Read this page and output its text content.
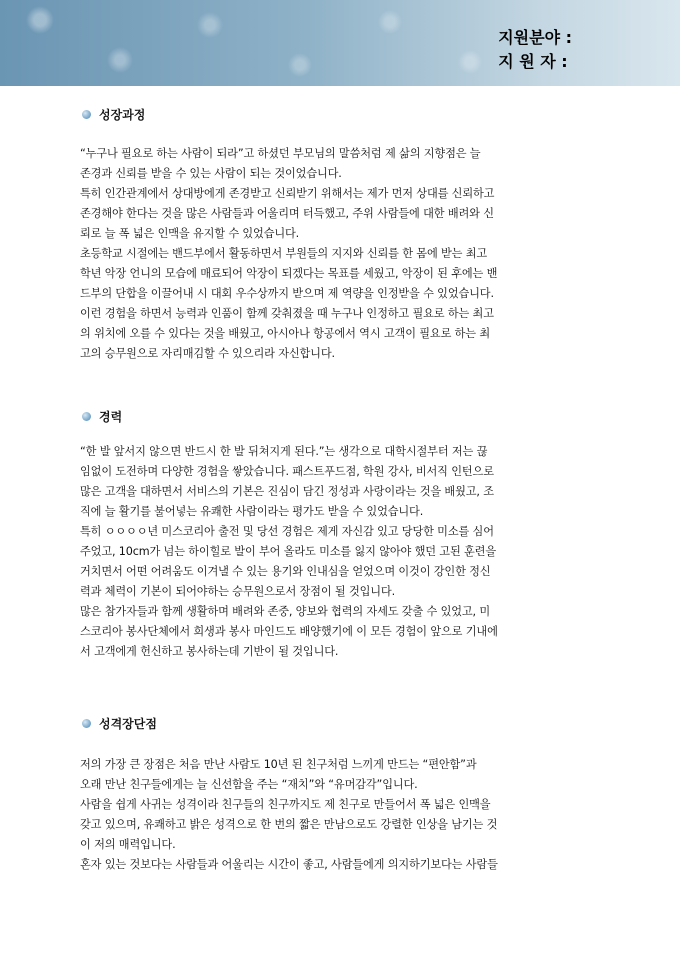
지원분야 :
지 원 자 :
성장과정
“누구나 필요로 하는 사람이 되라”고 하셨던 부모님의 말씀처럼 제 삶의 지향점은 늘
존경과 신뢰를 받을 수 있는 사람이 되는 것이었습니다.
특히 인간관계에서 상대방에게 존경받고 신뢰받기 위해서는 제가 먼저 상대를 신뢰하고
존경해야 한다는 것을 많은 사람들과 어울리며 터득했고, 주위 사람들에 대한 배려와 신
뢰로 늘 폭 넓은 인맥을 유지할 수 있었습니다.
초등학교 시절에는 밴드부에서 활동하면서 부원들의 지지와 신뢰를 한 몸에 받는 최고
학년 악장 언니의 모습에 매료되어 악장이 되겠다는 목표를 세웠고, 악장이 된 후에는 밴
드부의 단합을 이끌어내 시 대회 우수상까지 받으며 제 역량을 인정받을 수 있었습니다.
이런 경험을 하면서 능력과 인품이 함께 갖춰졌을 때 누구나 인정하고 필요로 하는 최고
의 위치에 오를 수 있다는 것을 배웠고, 아시아나 항공에서 역시 고객이 필요로 하는 최
고의 승무원으로 자리매김할 수 있으리라 자신합니다.
경력
“한 발 앞서지 않으면 반드시 한 발 뒤쳐지게 된다.”는 생각으로 대학시절부터 저는 끊
임없이 도전하며 다양한 경험을 쌓았습니다. 패스트푸드점, 학원 강사, 비서직 인턴으로
많은 고객을 대하면서 서비스의 기본은 진심이 담긴 정성과 사랑이라는 것을 배웠고, 조
직에 늘 활기를 불어넣는 유쾌한 사람이라는 평가도 받을 수 있었습니다.
특히 ㅇㅇㅇㅇ년 미스코리아 출전 및 당선 경험은 제게 자신감 있고 당당한 미소를 심어
주었고, 10cm가 넘는 하이힐로 발이 부어 올라도 미소를 잃지 않아야 했던 고된 훈련을
거치면서 어떤 어려움도 이겨낼 수 있는 용기와 인내심을 얻었으며 이것이 강인한 정신
력과 체력이 기본이 되어야하는 승무원으로서 장점이 될 것입니다.
많은 참가자들과 함께 생활하며 배려와 존중, 양보와 협력의 자세도 갖출 수 있었고, 미
스코리아 봉사단체에서 희생과 봉사 마인드도 배양했기에 이 모든 경험이 앞으로 기내에
서 고객에게 헌신하고 봉사하는데 기반이 될 것입니다.
성격장단점
저의 가장 큰 장점은 처음 만난 사람도 10년 된 친구처럼 느끼게 만드는 “편안함”과
오래 만난 친구들에게는 늘 신선함을 주는 “재치”와 “유머감각”입니다.
사람을 쉽게 사귀는 성격이라 친구들의 친구까지도 제 친구로 만들어서 폭 넓은 인맥을
갖고 있으며, 유쾌하고 밝은 성격으로 한 번의 짧은 만남으로도 강렬한 인상을 남기는 것
이 저의 매력입니다.
혼자 있는 것보다는 사람들과 어울리는 시간이 좋고, 사람들에게 의지하기보다는 사람들
